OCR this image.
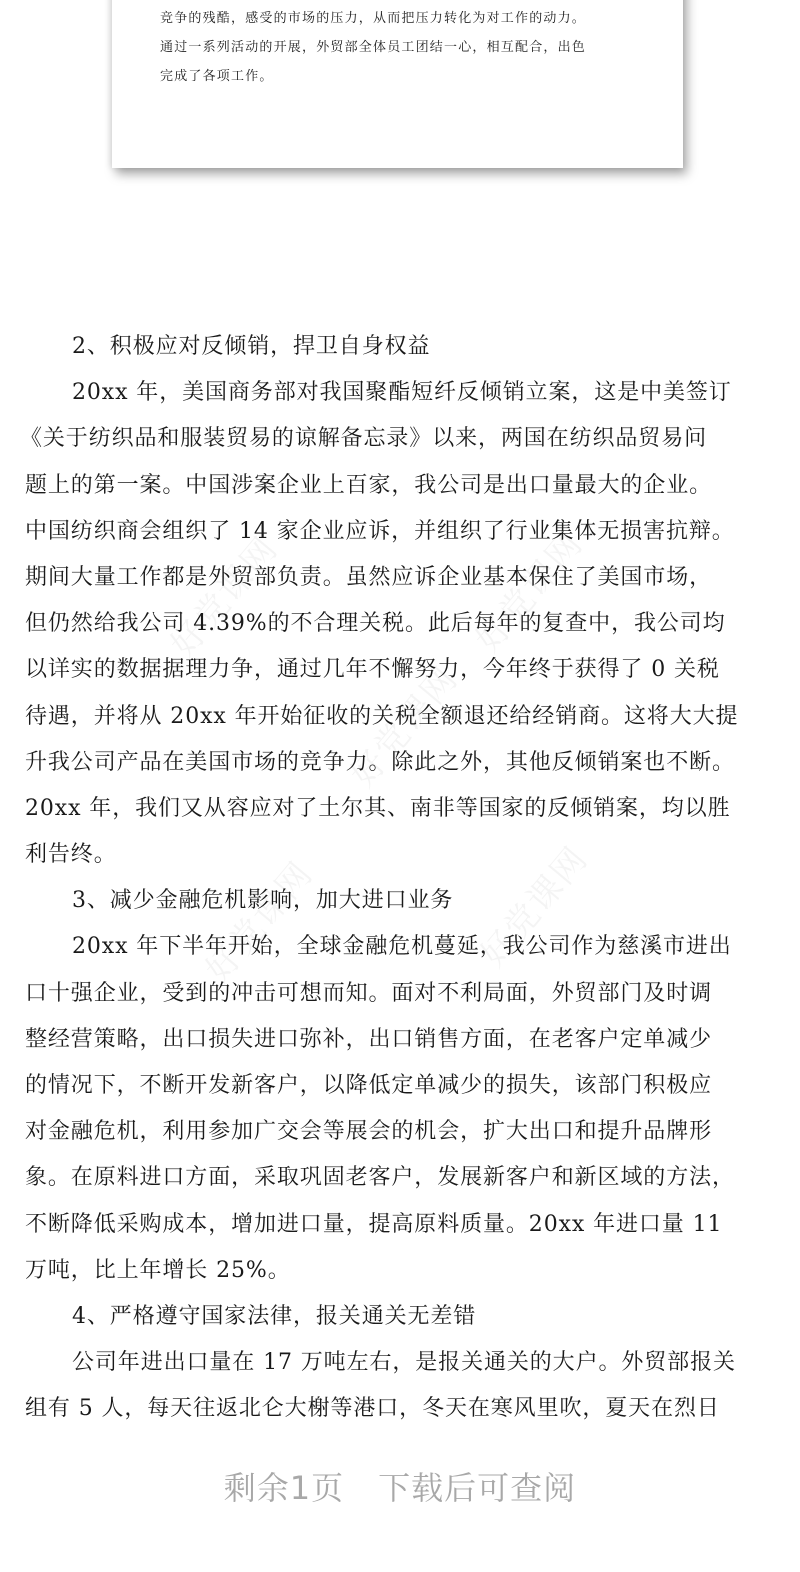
竞争的残酷，感受的市场的压力，从而把压力转化为对工作的动力。
通过一系列活动的开展，外贸部全体员工团结一心，相互配合，出色
完成了各项工作。
2、积极应对反倾销，捍卫自身权益
20xx 年，美国商务部对我国聚酯短纤反倾销立案，这是中美签订
《关于纺织品和服装贸易的谅解备忘录》以来，两国在纺织品贸易问
题上的第一案。中国涉案企业上百家，我公司是出口量最大的企业。
中国纺织商会组织了 14 家企业应诉，并组织了行业集体无损害抗辩。
期间大量工作都是外贸部负责。虽然应诉企业基本保住了美国市场，
但仍然给我公司 4.39%的不合理关税。此后每年的复查中，我公司均
以详实的数据据理力争，通过几年不懈努力，今年终于获得了 0 关税
待遇，并将从 20xx 年开始征收的关税全额退还给经销商。这将大大提
升我公司产品在美国市场的竞争力。除此之外，其他反倾销案也不断。
20xx 年，我们又从容应对了土尔其、南非等国家的反倾销案，均以胜
利告终。
3、减少金融危机影响，加大进口业务
20xx 年下半年开始，全球金融危机蔓延，我公司作为慈溪市进出
口十强企业，受到的冲击可想而知。面对不利局面，外贸部门及时调
整经营策略，出口损失进口弥补，出口销售方面，在老客户定单减少
的情况下，不断开发新客户，以降低定单减少的损失，该部门积极应
对金融危机，利用参加广交会等展会的机会，扩大出口和提升品牌形
象。在原料进口方面，采取巩固老客户，发展新客户和新区域的方法，
不断降低采购成本，增加进口量，提高原料质量。20xx 年进口量 11
万吨，比上年增长 25%。
4、严格遵守国家法律，报关通关无差错
公司年进出口量在 17 万吨左右，是报关通关的大户。外贸部报关
组有 5 人，每天往返北仑大榭等港口，冬天在寒风里吹，夏天在烈日
剩余1页 下载后可查阅
